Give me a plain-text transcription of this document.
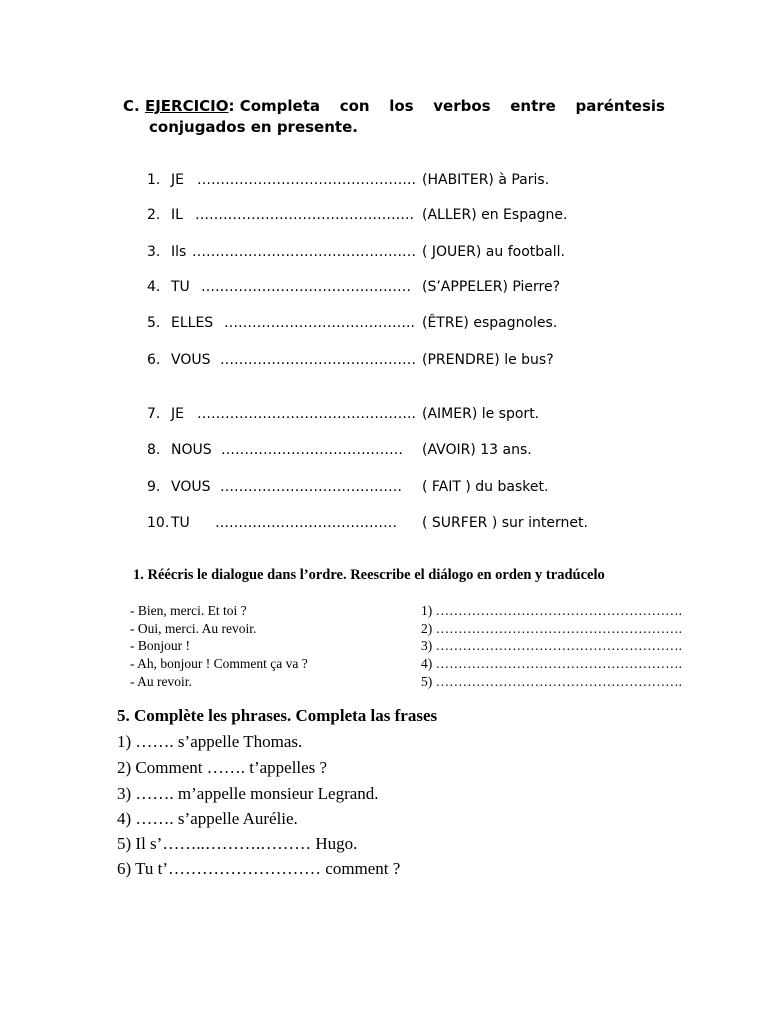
C. EJERCICIO: Completa con los verbos entre paréntesis
conjugados en presente.
1. JE ……………………………………….. (HABITER) à Paris.
2. IL ……………………………………….. (ALLER) en Espagne.
3. Ils ………………………………………… ( JOUER) au football.
4. TU ……………………………………… (S’APPELER) Pierre?
5. ELLES ………………………………….. (ÊTRE) espagnoles.
6. VOUS …………………………………… (PRENDRE) le bus?
7. JE ……………………………………….. (AIMER) le sport.
8. NOUS ………………………………… (AVOIR) 13 ans.
9. VOUS ………………………………… ( FAIT ) du basket.
10. TU ………………………………… ( SURFER ) sur internet.
1. Réécris le dialogue dans l’ordre. Reescribe el diálogo en orden y tradúcelo
- Bien, merci. Et toi ?
- Oui, merci. Au revoir.
- Bonjour !
- Ah, bonjour ! Comment ça va ?
- Au revoir.
1) ……………………………………………….
2) ……………………………………………….
3) ……………………………………………….
4) ……………………………………………….
5) ……………………………………………….
5. Complète les phrases. Completa las frases
1) ……. s’appelle Thomas.
2) Comment ……. t’appelles ?
3) ……. m’appelle monsieur Legrand.
4) ……. s’appelle Aurélie.
5) Il s’……..……….……… Hugo.
6) Tu t’……………………… comment ?
